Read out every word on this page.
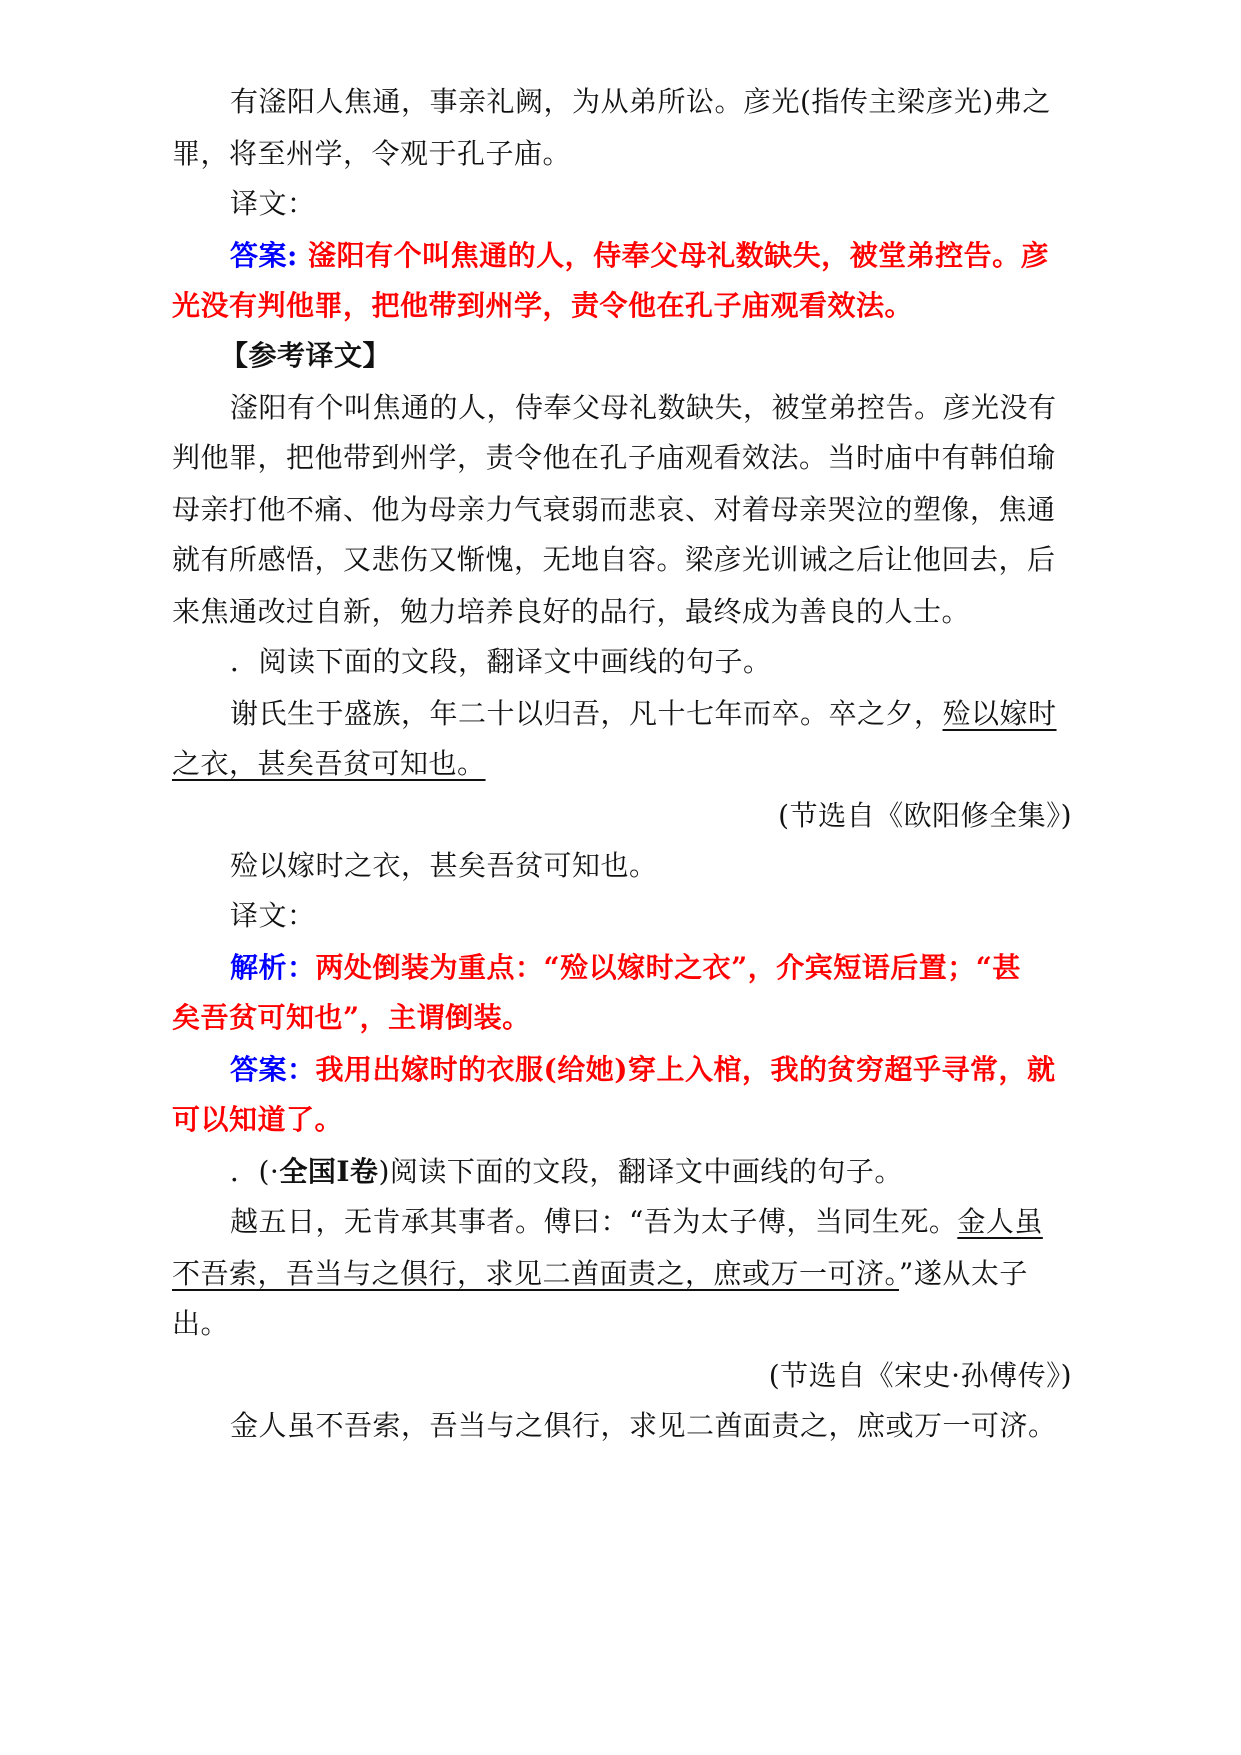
有滏阳人焦通，事亲礼阙，为从弟所讼。彦光(指传主梁彦光)弗之
罪，将至州学，令观于孔子庙。
译文：
答案: 滏阳有个叫焦通的人，侍奉父母礼数缺失，被堂弟控告。彦
光没有判他罪，把他带到州学，责令他在孔子庙观看效法。
【参考译文】
滏阳有个叫焦通的人，侍奉父母礼数缺失，被堂弟控告。彦光没有
判他罪，把他带到州学，责令他在孔子庙观看效法。当时庙中有韩伯瑜
母亲打他不痛、他为母亲力气衰弱而悲哀、对着母亲哭泣的塑像，焦通
就有所感悟，又悲伤又惭愧，无地自容。梁彦光训诫之后让他回去，后
来焦通改过自新，勉力培养良好的品行，最终成为善良的人士。
．阅读下面的文段，翻译文中画线的句子。
谢氏生于盛族，年二十以归吾，凡十七年而卒。卒之夕，殓以嫁时
之衣，甚矣吾贫可知也。
(节选自《欧阳修全集》)
殓以嫁时之衣，甚矣吾贫可知也。
译文：
解析：两处倒装为重点：“殓以嫁时之衣”，介宾短语后置；“甚
矣吾贫可知也”，主谓倒装。
答案：我用出嫁时的衣服(给她)穿上入棺，我的贫穷超乎寻常，就
可以知道了。
．(·全国Ⅰ卷)阅读下面的文段，翻译文中画线的句子。
越五日，无肯承其事者。傅曰：“吾为太子傅，当同生死。金人虽
不吾索，吾当与之俱行，求见二酋面责之，庶或万一可济。”遂从太子
出。
(节选自《宋史·孙傅传》)
金人虽不吾索，吾当与之俱行，求见二酋面责之，庶或万一可济。
